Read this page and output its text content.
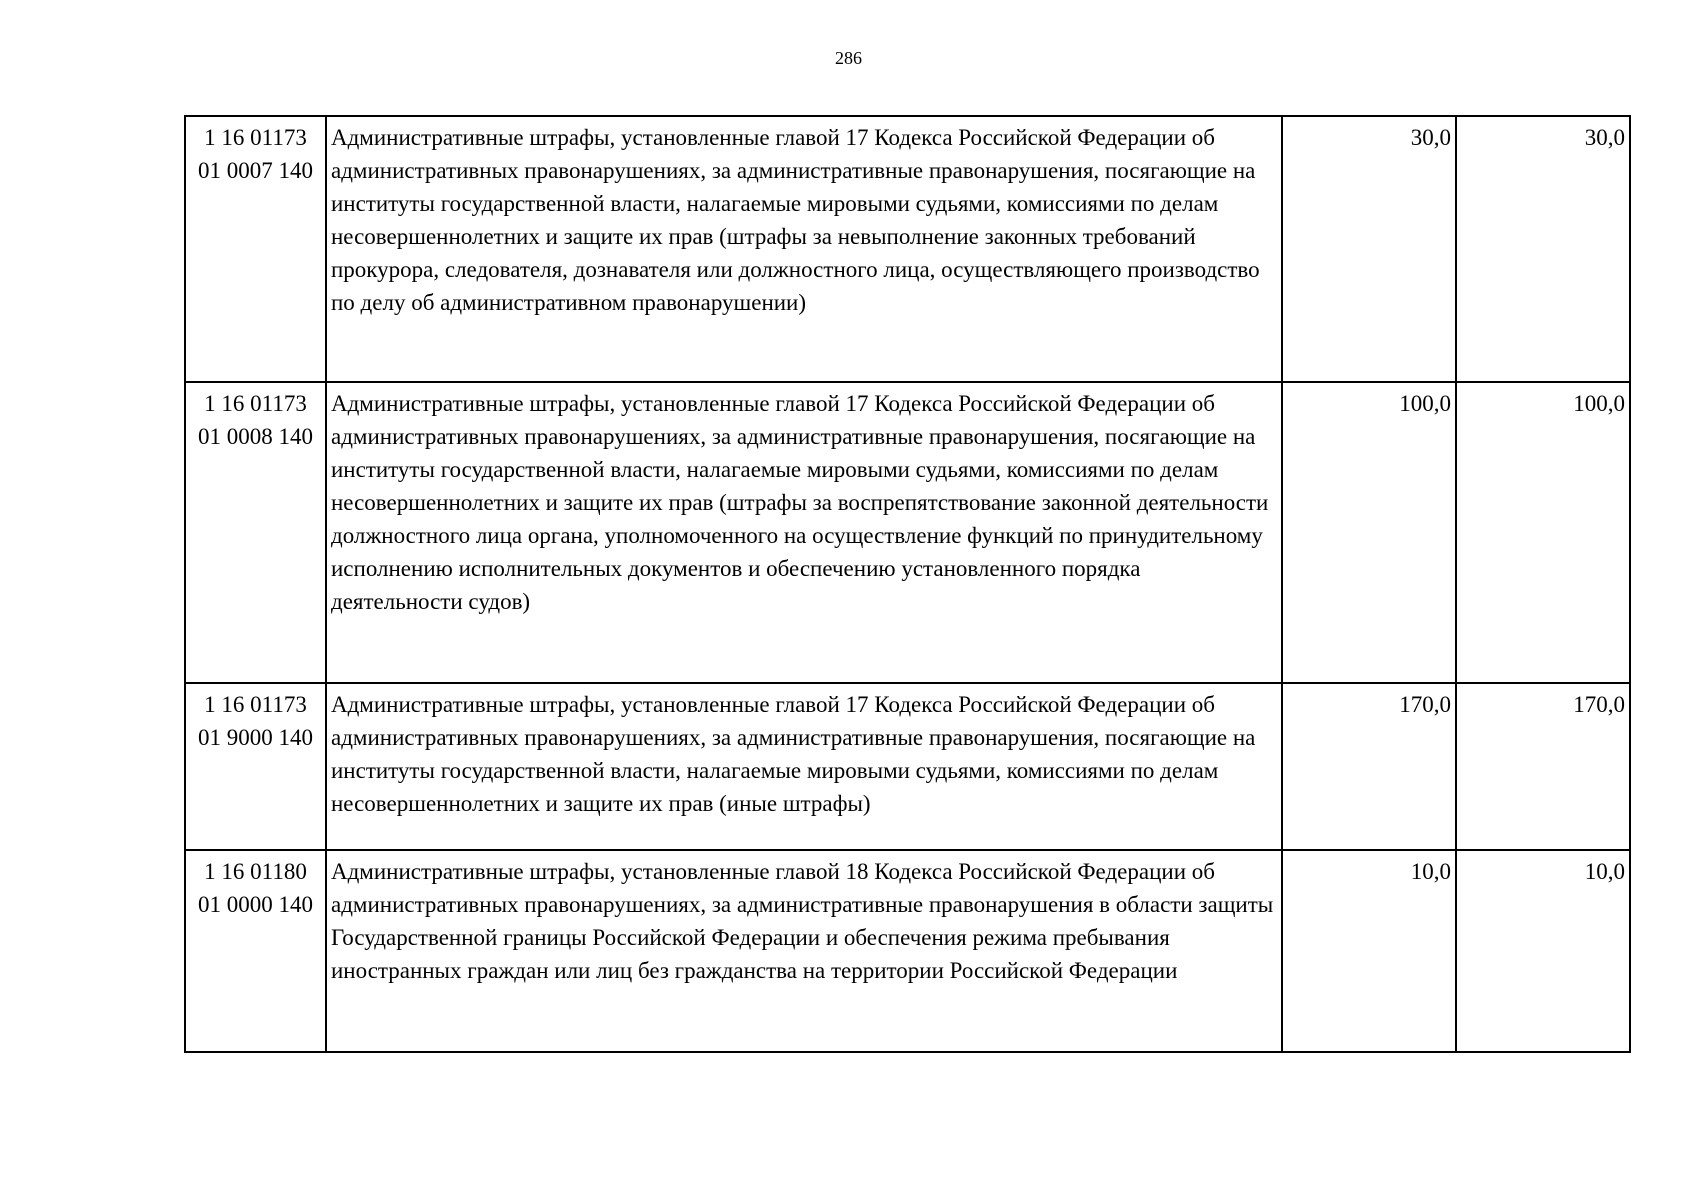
286
1 16 01173
01 0007 140	Административные штрафы, установленные главой 17 Кодекса Российской Федерации об административных правонарушениях, за административные правонарушения, посягающие на институты государственной власти, налагаемые мировыми судьями, комиссиями по делам несовершеннолетних и защите их прав (штрафы за невыполнение законных требований прокурора, следователя, дознавателя или должностного лица, осуществляющего производство по делу об административном правонарушении)	30,0	30,0

1 16 01173
01 0008 140	Административные штрафы, установленные главой 17 Кодекса Российской Федерации об административных правонарушениях, за административные правонарушения, посягающие на институты государственной власти, налагаемые мировыми судьями, комиссиями по делам несовершеннолетних и защите их прав (штрафы за воспрепятствование законной деятельности должностного лица органа, уполномоченного на осуществление функций по принудительному исполнению исполнительных документов и обеспечению установленного порядка деятельности судов)	100,0	100,0

1 16 01173
01 9000 140	Административные штрафы, установленные главой 17 Кодекса Российской Федерации об административных правонарушениях, за административные правонарушения, посягающие на институты государственной власти, налагаемые мировыми судьями, комиссиями по делам несовершеннолетних и защите их прав (иные штрафы)	170,0	170,0

1 16 01180
01 0000 140	Административные штрафы, установленные главой 18 Кодекса Российской Федерации об административных правонарушениях, за административные правонарушения в области защиты Государственной границы Российской Федерации и обеспечения режима пребывания иностранных граждан или лиц без гражданства на территории Российской Федерации	10,0	10,0
